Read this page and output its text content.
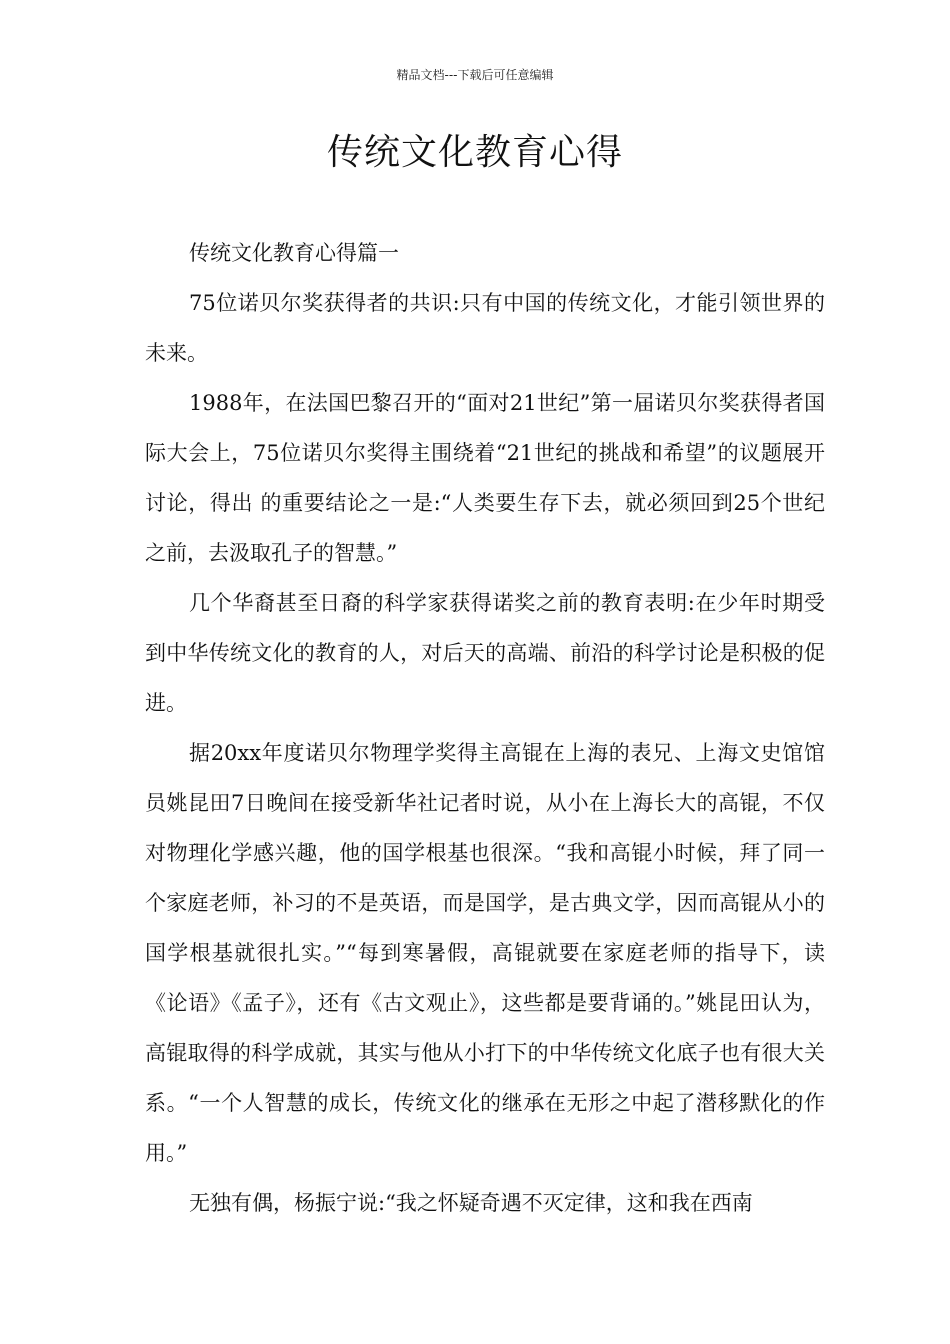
精品文档---下载后可任意编辑
传统文化教育心得

传统文化教育心得篇一

75位诺贝尔奖获得者的共识:只有中国的传统文化，才能引领世界的未来。

1988年，在法国巴黎召开的“面对21世纪”第一届诺贝尔奖获得者国际大会上，75位诺贝尔奖得主围绕着“21世纪的挑战和希望”的议题展开讨论，得出 的重要结论之一是:“人类要生存下去，就必须回到25个世纪之前，去汲取孔子的智慧。”

几个华裔甚至日裔的科学家获得诺奖之前的教育表明:在少年时期受到中华传统文化的教育的人，对后天的高端、前沿的科学讨论是积极的促进。

据20xx年度诺贝尔物理学奖得主高锟在上海的表兄、上海文史馆馆员姚昆田7日晚间在接受新华社记者时说，从小在上海长大的高锟，不仅对物理化学感兴趣，他的国学根基也很深。“我和高锟小时候，拜了同一个家庭老师，补习的不是英语，而是国学，是古典文学，因而高锟从小的国学根基就很扎实。”“每到寒暑假，高锟就要在家庭老师的指导下，读《论语》《孟子》，还有《古文观止》，这些都是要背诵的。”姚昆田认为，高锟取得的科学成就，其实与他从小打下的中华传统文化底子也有很大关系。“一个人智慧的成长，传统文化的继承在无形之中起了潜移默化的作用。”

无独有偶，杨振宁说:“我之怀疑奇遇不灭定律，这和我在西南
